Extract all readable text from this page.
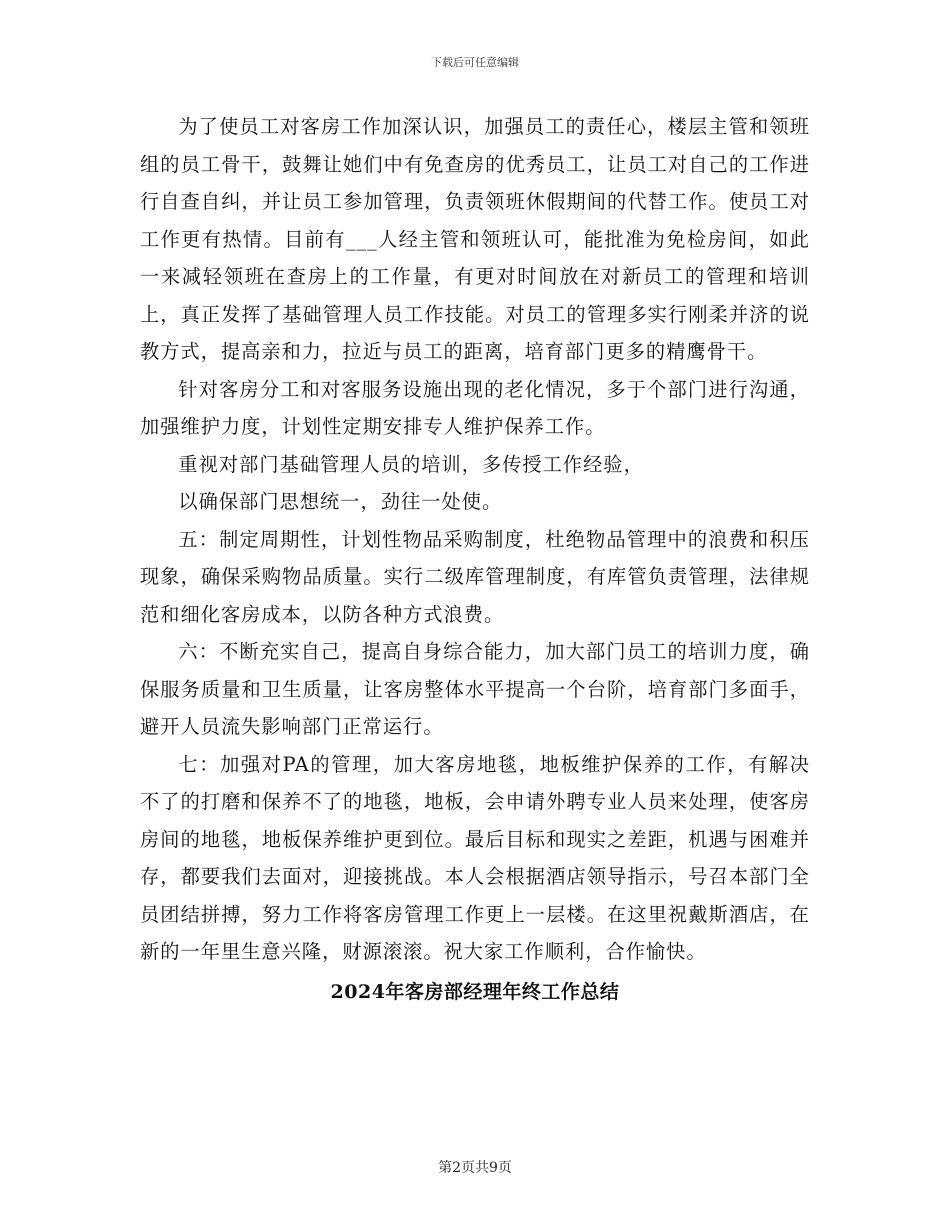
下载后可任意编辑

为了使员工对客房工作加深认识，加强员工的责任心，楼层主管和领班组的员工骨干，鼓舞让她们中有免查房的优秀员工，让员工对自己的工作进行自查自纠，并让员工参加管理，负责领班休假期间的代替工作。使员工对工作更有热情。目前有___人经主管和领班认可，能批准为免检房间，如此一来减轻领班在查房上的工作量，有更对时间放在对新员工的管理和培训上，真正发挥了基础管理人员工作技能。对员工的管理多实行刚柔并济的说教方式，提高亲和力，拉近与员工的距离，培育部门更多的精鹰骨干。

针对客房分工和对客服务设施出现的老化情况，多于个部门进行沟通，加强维护力度，计划性定期安排专人维护保养工作。

重视对部门基础管理人员的培训，多传授工作经验，

以确保部门思想统一，劲往一处使。

五：制定周期性，计划性物品采购制度，杜绝物品管理中的浪费和积压现象，确保采购物品质量。实行二级库管理制度，有库管负责管理，法律规范和细化客房成本，以防各种方式浪费。

六：不断充实自己，提高自身综合能力，加大部门员工的培训力度，确保服务质量和卫生质量，让客房整体水平提高一个台阶，培育部门多面手，避开人员流失影响部门正常运行。

七：加强对PA的管理，加大客房地毯，地板维护保养的工作，有解决不了的打磨和保养不了的地毯，地板，会申请外聘专业人员来处理，使客房房间的地毯，地板保养维护更到位。最后目标和现实之差距，机遇与困难并存，都要我们去面对，迎接挑战。本人会根据酒店领导指示，号召本部门全员团结拼搏，努力工作将客房管理工作更上一层楼。在这里祝戴斯酒店，在新的一年里生意兴隆，财源滚滚。祝大家工作顺利，合作愉快。

2024年客房部经理年终工作总结

第2页共9页
